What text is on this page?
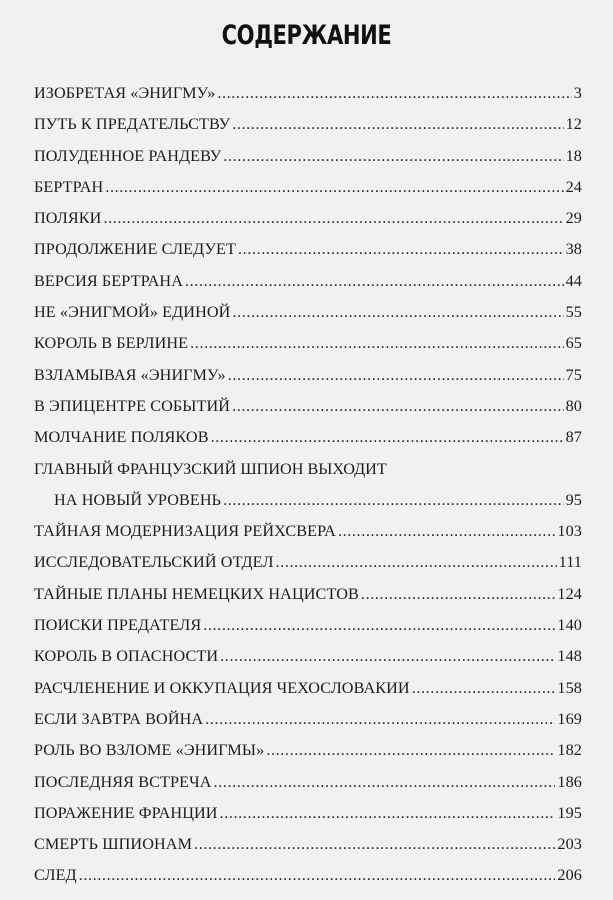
СОДЕРЖАНИЕ
ИЗОБРЕТАЯ «ЭНИГМУ» .....	3
ПУТЬ К ПРЕДАТЕЛЬСТВУ .....	12
ПОЛУДЕННОЕ РАНДЕВУ .....	18
БЕРТРАН .....	24
ПОЛЯКИ .....	29
ПРОДОЛЖЕНИЕ СЛЕДУЕТ .....	38
ВЕРСИЯ БЕРТРАНА .....	44
НЕ «ЭНИГМОЙ» ЕДИНОЙ .....	55
КОРОЛЬ В БЕРЛИНЕ .....	65
ВЗЛАМЫВАЯ «ЭНИГМУ» .....	75
В ЭПИЦЕНТРЕ СОБЫТИЙ .....	80
МОЛЧАНИЕ ПОЛЯКОВ .....	87
ГЛАВНЫЙ ФРАНЦУЗСКИЙ ШПИОН ВЫХОДИТ
НА НОВЫЙ УРОВЕНЬ .....	95
ТАЙНАЯ МОДЕРНИЗАЦИЯ РЕЙХСВЕРА .....	103
ИССЛЕДОВАТЕЛЬСКИЙ ОТДЕЛ .....	111
ТАЙНЫЕ ПЛАНЫ НЕМЕЦКИХ НАЦИСТОВ .....	124
ПОИСКИ ПРЕДАТЕЛЯ .....	140
КОРОЛЬ В ОПАСНОСТИ .....	148
РАСЧЛЕНЕНИЕ И ОККУПАЦИЯ ЧЕХОСЛОВАКИИ .....	158
ЕСЛИ ЗАВТРА ВОЙНА .....	169
РОЛЬ ВО ВЗЛОМЕ «ЭНИГМЫ» .....	182
ПОСЛЕДНЯЯ ВСТРЕЧА .....	186
ПОРАЖЕНИЕ ФРАНЦИИ .....	195
СМЕРТЬ ШПИОНАМ .....	203
СЛЕД .....	206
